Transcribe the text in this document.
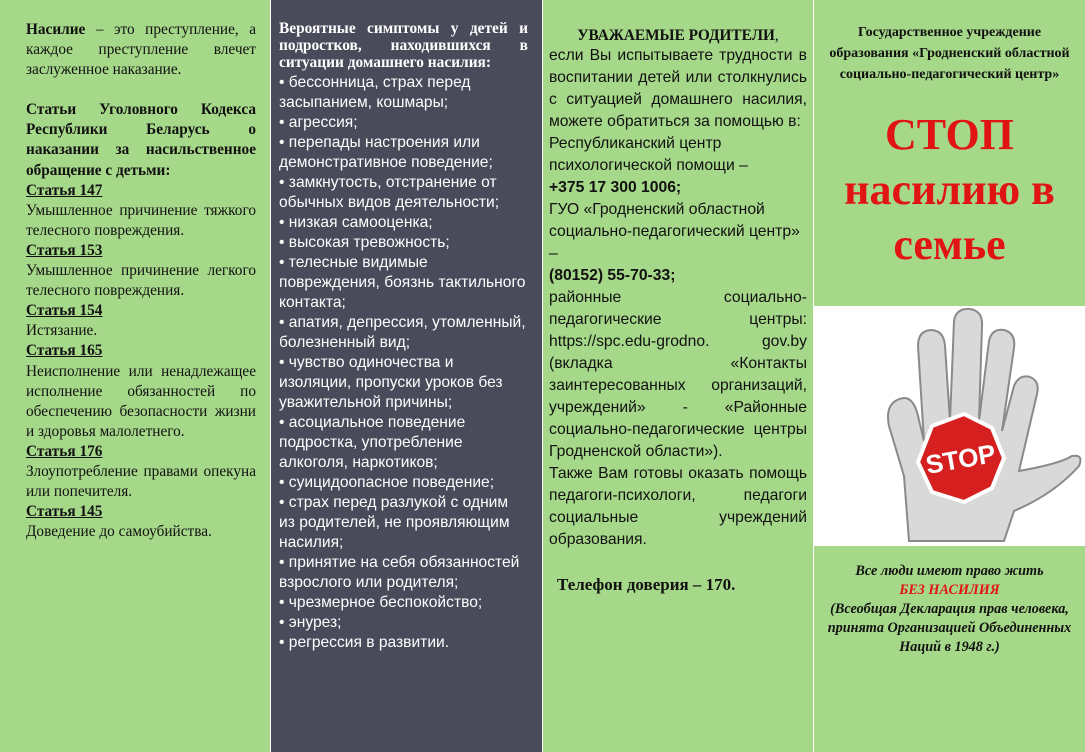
Насилие – это преступление, а каждое преступление влечет заслуженное наказание.

Статьи Уголовного Кодекса Республики Беларусь о наказании за насильственное обращение с детьми:

Статья 147

Умышленное причинение тяжкого телесного повреждения.

Статья 153

Умышленное причинение легкого телесного повреждения.

Статья 154

Истязание.

Статья 165

Неисполнение или ненадлежащее исполнение обязанностей по обеспечению безопасности жизни и здоровья малолетнего.

Статья 176

Злоупотребление правами опекуна или попечителя.

Статья 145

Доведение до самоубийства.

Вероятные симптомы у детей и подростков, находившихся в ситуации домашнего насилия:

• бессонница, страх перед засыпанием, кошмары;

• агрессия;

• перепады настроения или демонстративное поведение;

• замкнутость, отстранение от обычных видов деятельности;

• низкая самооценка;

• высокая тревожность;

• телесные видимые повреждения, боязнь тактильного контакта;

• апатия, депрессия, утомленный, болезненный вид;

• чувство одиночества и изоляции, пропуски уроков без уважительной причины;

• асоциальное поведение подростка, употребление алкоголя, наркотиков;

• суицидоопасное поведение;

• страх перед разлукой с одним из родителей, не проявляющим насилия;

• принятие на себя обязанностей взрослого или родителя;

• чрезмерное беспокойство;

• энурез;

• регрессия в развитии.

УВАЖАЕМЫЕ РОДИТЕЛИ,

если Вы испытываете трудности в воспитании детей или столкнулись с ситуацией домашнего насилия, можете обратиться за помощью в:

Республиканский центр психологической помощи –

+375 17 300 1006;

ГУО «Гродненский областной социально-педагогический центр» –

(80152) 55-70-33;

районные социально-педагогические центры: https://spc.edu-grodno. gov.by (вкладка «Контакты заинтересованных организаций, учреждений» - «Районные социально-педагогические центры Гродненской области»).

Также Вам готовы оказать помощь педагоги-психологи, педагоги социальные учреждений образования.

Телефон доверия – 170.

Государственное учреждение образования «Гродненский областной социально-педагогический центр»

СТОП
насилию в
семье
Все люди имеют право жить
БЕЗ НАСИЛИЯ
(Всеобщая Декларация прав человека, принята Организацией Объединенных Наций в 1948 г.)
STOP
